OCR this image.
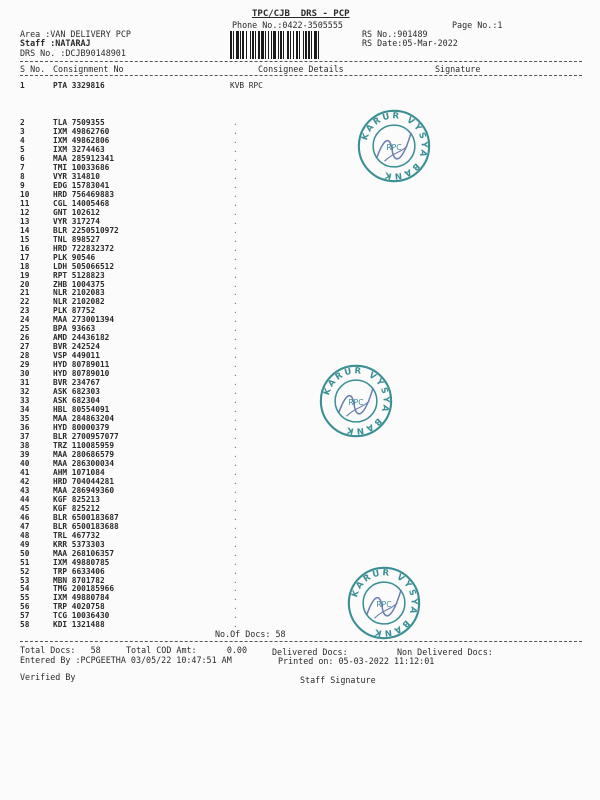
TPC/CJB  DRS - PCP
Phone No.:0422-3505555	Page No.:1
Area :VAN DELIVERY PCP
Staff :NATARAJ
DRS No. :DCJB90148901
RS No.:901489
RS Date:05-Mar-2022
S No. Consignment No	Consignee Details	Signature
1	PTA 3329816	KVB RPC
2	TLA 7509355	.
3	IXM 49862760	.
4	IXM 49862806	.
5	IXM 3274463	.
6	MAA 285912341	.
7	TMI 10033686	.
8	VYR 314810	.
9	EDG 15783041	.
10	HRD 756469883	.
11	CGL 14005468	.
12	GNT 102612	.
13	VYR 317274	.
14	BLR 2250510972	.
15	TNL 898527	.
16	HRD 722832372	.
17	PLK 90546	.
18	LDH 505066512	.
19	RPT 5128823	.
20	ZHB 1004375	.
21	NLR 2102083	.
22	NLR 2102082	.
23	PLK 87752	.
24	MAA 273001394	.
25	BPA 93663	.
26	AMD 24436182	.
27	BVR 242524	.
28	VSP 449011	.
29	HYD 80789011	.
30	HYD 80789010	.
31	BVR 234767	.
32	ASK 682303	.
33	ASK 682304	.
34	HBL 80554091	.
35	MAA 284863204	.
36	HYD 80000379	.
37	BLR 2700957077	.
38	TRZ 110085959	.
39	MAA 280686579	.
40	MAA 286300034	.
41	AHM 1071084	.
42	HRD 704044281	.
43	MAA 286949360	.
44	KGF 825213	.
45	KGF 825212	.
46	BLR 6500183687	.
47	BLR 6500183688	.
48	TRL 467732	.
49	KRR 5373303	.
50	MAA 268106357	.
51	IXM 49880785	.
52	TRP 6633406	.
53	MBN 8701782	.
54	TMG 200185966	.
55	IXM 49880784	.
56	TRP 4020758	.
57	TCG 10036430	.
58	KDI 1321488	.
No.Of Docs: 58
Total Docs:   58	Total COD Amt:      0.00	Delivered Docs:	Non Delivered Docs:
Entered By :PCPGEETHA 03/05/22 10:47:51 AM	Printed on: 05-03-2022 11:12:01
Verified By	Staff Signature
KARUR VYSYA BANK
RPC
KARUR VYSYA BANK
RPC
KARUR VYSYA BANK
RPC
